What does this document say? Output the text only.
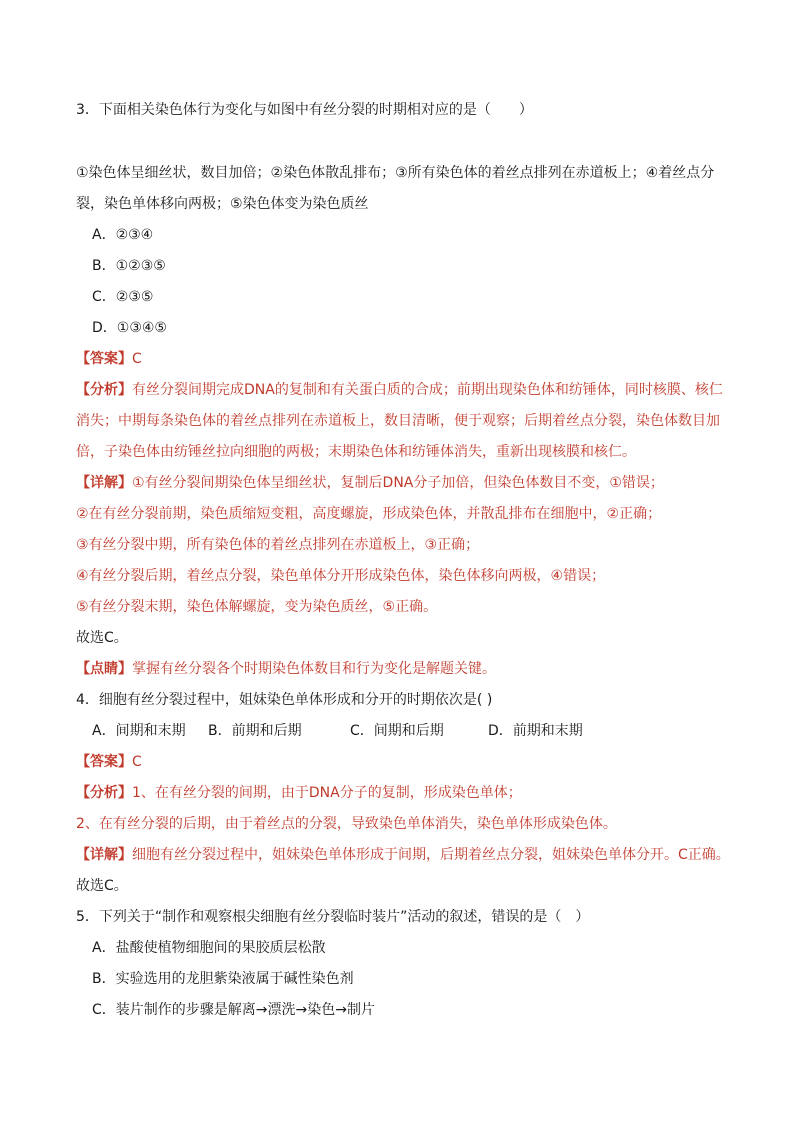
3．下面相关染色体行为变化与如图中有丝分裂的时期相对应的是（　　）
①染色体呈细丝状，数目加倍；②染色体散乱排布；③所有染色体的着丝点排列在赤道板上；④着丝点分
裂，染色单体移向两极；⑤染色体变为染色质丝
A．②③④
B．①②③⑤
C．②③⑤
D．①③④⑤
【答案】C
【分析】有丝分裂间期完成DNA的复制和有关蛋白质的合成；前期出现染色体和纺锤体，同时核膜、核仁
消失；中期每条染色体的着丝点排列在赤道板上，数目清晰，便于观察；后期着丝点分裂，染色体数目加
倍，子染色体由纺锤丝拉向细胞的两极；末期染色体和纺锤体消失，重新出现核膜和核仁。
【详解】①有丝分裂间期染色体呈细丝状，复制后DNA分子加倍，但染色体数目不变，①错误；
②在有丝分裂前期，染色质缩短变粗，高度螺旋，形成染色体，并散乱排布在细胞中，②正确；
③有丝分裂中期，所有染色体的着丝点排列在赤道板上，③正确；
④有丝分裂后期，着丝点分裂，染色单体分开形成染色体，染色体移向两极，④错误；
⑤有丝分裂末期，染色体解螺旋，变为染色质丝，⑤正确。
故选C。
【点睛】掌握有丝分裂各个时期染色体数目和行为变化是解题关键。
4．细胞有丝分裂过程中，姐妹染色单体形成和分开的时期依次是( )
A．间期和末期 B．前期和后期	C．间期和后期	D．前期和末期
【答案】C
【分析】1、在有丝分裂的间期，由于DNA分子的复制，形成染色单体；
2、在有丝分裂的后期，由于着丝点的分裂，导致染色单体消失，染色单体形成染色体。
【详解】细胞有丝分裂过程中，姐妹染色单体形成于间期，后期着丝点分裂，姐妹染色单体分开。C正确。
故选C。
5．下列关于“制作和观察根尖细胞有丝分裂临时装片”活动的叙述，错误的是（　）
A．盐酸使植物细胞间的果胶质层松散
B．实验选用的龙胆紫染液属于碱性染色剂
C．装片制作的步骤是解离→漂洗→染色→制片
